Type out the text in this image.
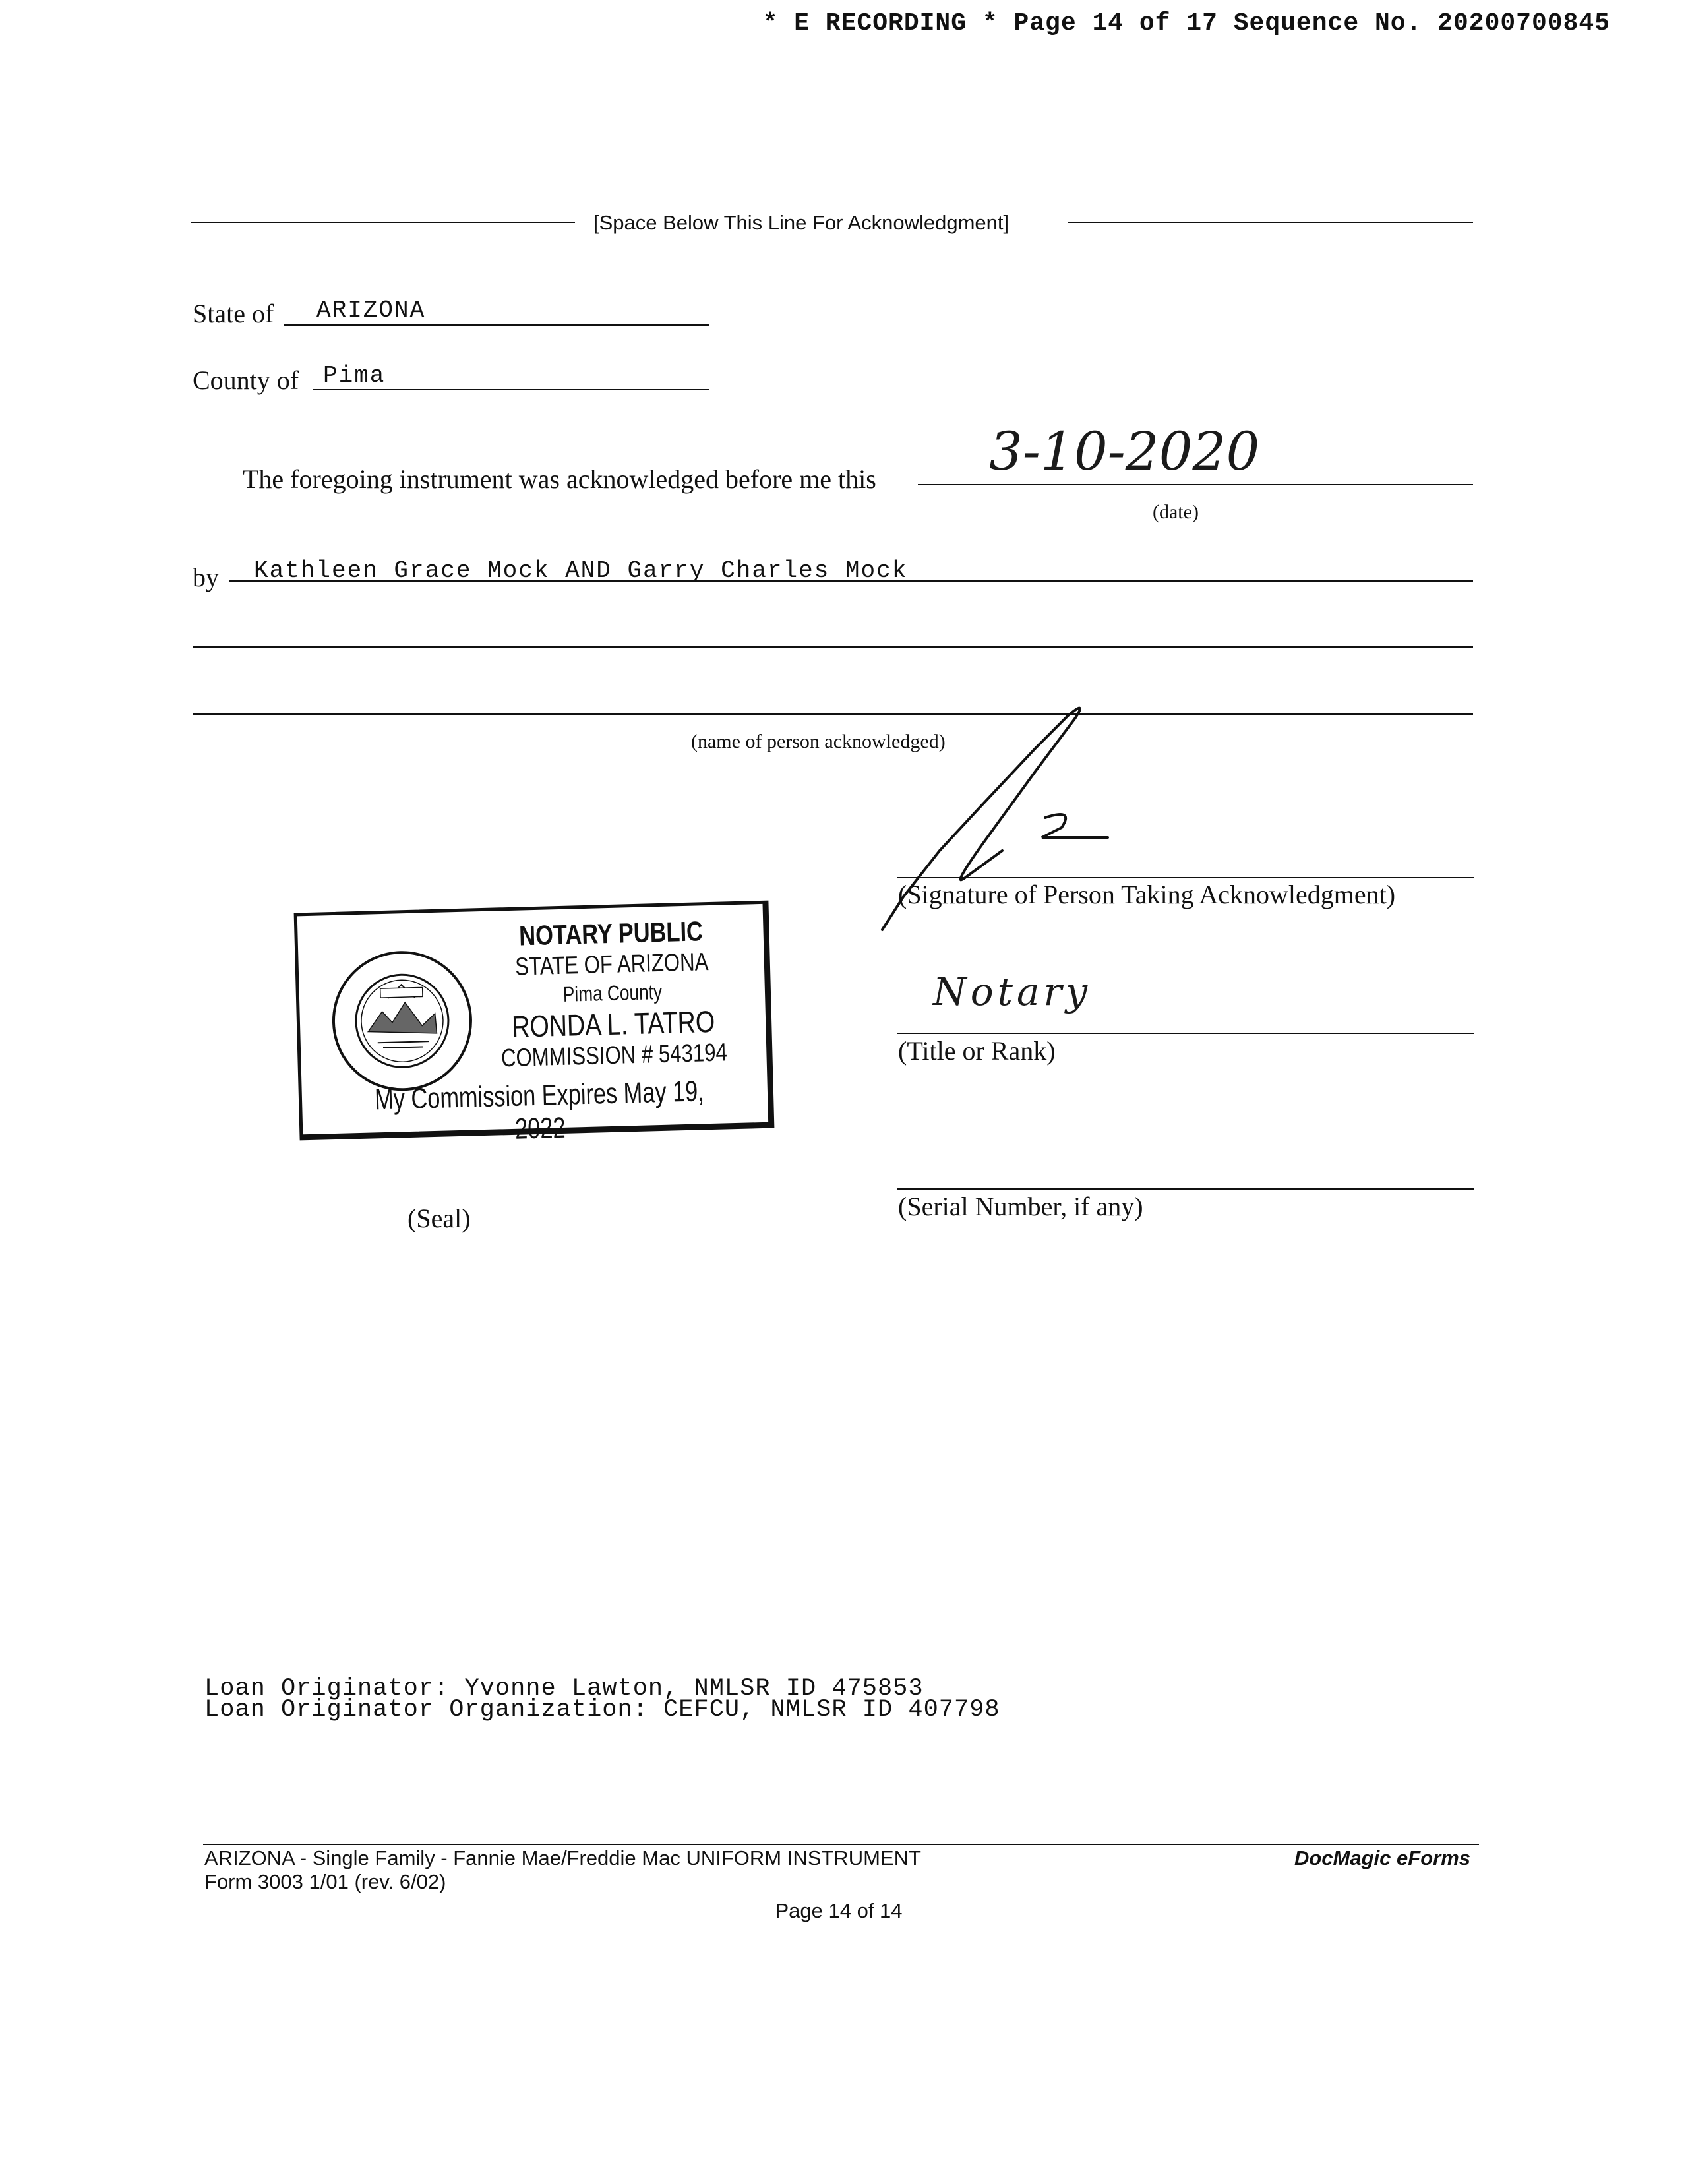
* E RECORDING * Page 14 of 17 Sequence No. 20200700845
[Space Below This Line For Acknowledgment]
State of ARIZONA
County of Pima
The foregoing instrument was acknowledged before me this 3-10-2020
(date)
by Kathleen Grace Mock AND Garry Charles Mock
(name of person acknowledged)
(Signature of Person Taking Acknowledgment)
NOTARY PUBLIC
STATE OF ARIZONA
Pima County
RONDA L. TATRO
COMMISSION # 543194
My Commission Expires May 19, 2022
Notary
(Title or Rank)
(Serial Number, if any)
(Seal)
Loan Originator: Yvonne Lawton, NMLSR ID 475853
Loan Originator Organization: CEFCU, NMLSR ID 407798
ARIZONA - Single Family - Fannie Mae/Freddie Mac UNIFORM INSTRUMENT
Form 3003 1/01 (rev. 6/02)
DocMagic eForms
Page 14 of 14
